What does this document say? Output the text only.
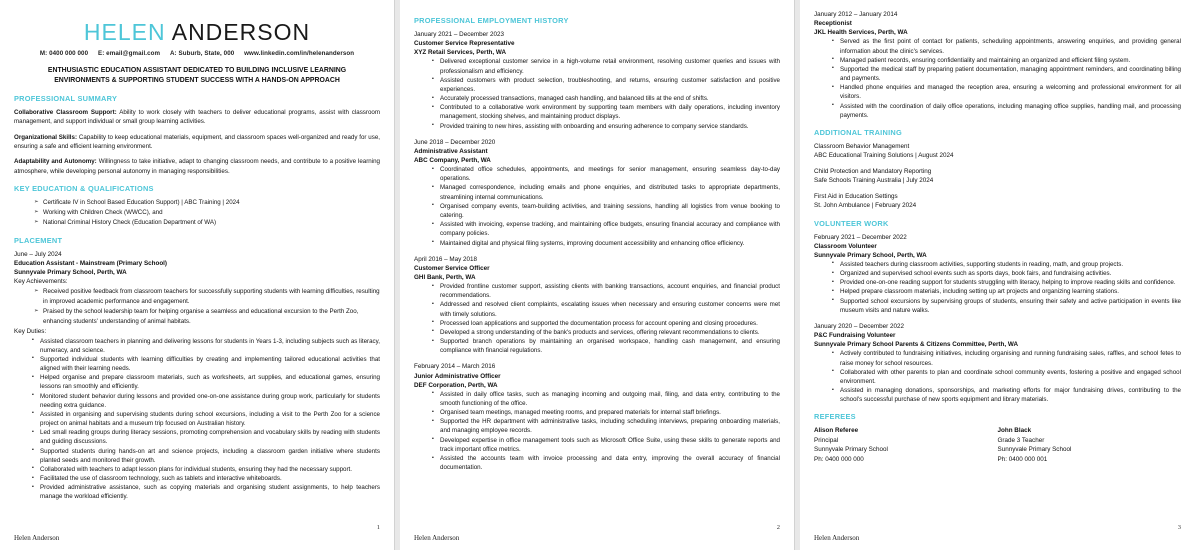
HELEN ANDERSON
M: 0400 000 000 E: email@gmail.com A: Suburb, State, 000 www.linkedin.com/in/helenanderson
ENTHUSIASTIC EDUCATION ASSISTANT DEDICATED TO BUILDING INCLUSIVE LEARNING ENVIRONMENTS & SUPPORTING STUDENT SUCCESS WITH A HANDS-ON APPROACH
PROFESSIONAL SUMMARY
Collaborative Classroom Support: Ability to work closely with teachers to deliver educational programs, assist with classroom management, and support individual or small group learning activities.
Organizational Skills: Capability to keep educational materials, equipment, and classroom spaces well-organized and ready for use, ensuring a safe and efficient learning environment.
Adaptability and Autonomy: Willingness to take initiative, adapt to changing classroom needs, and contribute to a positive learning atmosphere, while developing personal autonomy in managing responsibilities.
KEY EDUCATION & QUALIFICATIONS
➢ Certificate IV in School Based Education Support) | ABC Training | 2024
➢ Working with Children Check (WWCC), and
➢ National Criminal History Check (Education Department of WA)
PLACEMENT
June – July 2024
Education Assistant - Mainstream (Primary School)
Sunnyvale Primary School, Perth, WA
Key Achievements:
➢ Received positive feedback from classroom teachers for successfully supporting students with learning difficulties, resulting in improved academic performance and engagement.
➢ Praised by the school leadership team for helping organise a seamless and educational excursion to the Perth Zoo, enhancing students' understanding of animal habitats.
Key Duties:
▪ Assisted classroom teachers in planning and delivering lessons for students in Years 1-3, including subjects such as literacy, numeracy, and science.
▪ Supported individual students with learning difficulties by creating and implementing tailored educational activities that aligned with their learning needs.
▪ Helped organise and prepare classroom materials, such as worksheets, art supplies, and educational games, ensuring lessons ran smoothly and efficiently.
▪ Monitored student behavior during lessons and provided one-on-one assistance during group work, particularly for students needing extra guidance.
▪ Assisted in organising and supervising students during school excursions, including a visit to the Perth Zoo for a science project on animal habitats and a museum trip focused on Australian history.
▪ Led small reading groups during literacy sessions, promoting comprehension and vocabulary skills by reading with students and guiding discussions.
▪ Supported students during hands-on art and science projects, including a classroom garden initiative where students planted seeds and monitored their growth.
▪ Collaborated with teachers to adapt lesson plans for individual students, ensuring they had the necessary support.
▪ Facilitated the use of classroom technology, such as tablets and interactive whiteboards.
▪ Provided administrative assistance, such as copying materials and organising student assignments, to help teachers manage the workload efficiently.
1
Helen Anderson
PROFESSIONAL EMPLOYMENT HISTORY
January 2021 – December 2023
Customer Service Representative
XYZ Retail Services, Perth, WA
▪ Delivered exceptional customer service in a high-volume retail environment, resolving customer queries and issues with professionalism and efficiency.
▪ Assisted customers with product selection, troubleshooting, and returns, ensuring customer satisfaction and positive experiences.
▪ Accurately processed transactions, managed cash handling, and balanced tills at the end of shifts.
▪ Contributed to a collaborative work environment by supporting team members with daily operations, including inventory management, stocking shelves, and maintaining product displays.
▪ Provided training to new hires, assisting with onboarding and ensuring adherence to company service standards.
June 2018 – December 2020
Administrative Assistant
ABC Company, Perth, WA
▪ Coordinated office schedules, appointments, and meetings for senior management, ensuring seamless day-to-day operations.
▪ Managed correspondence, including emails and phone enquiries, and distributed tasks to appropriate departments, streamlining internal communications.
▪ Organised company events, team-building activities, and training sessions, handling all logistics from venue booking to catering.
▪ Assisted with invoicing, expense tracking, and maintaining office budgets, ensuring financial accuracy and compliance with company policies.
▪ Maintained digital and physical filing systems, improving document accessibility and enhancing office efficiency.
April 2016 – May 2018
Customer Service Officer
GHI Bank, Perth, WA
▪ Provided frontline customer support, assisting clients with banking transactions, account enquiries, and financial product recommendations.
▪ Addressed and resolved client complaints, escalating issues when necessary and ensuring customer concerns were met with timely solutions.
▪ Processed loan applications and supported the documentation process for account opening and closing procedures.
▪ Developed a strong understanding of the bank's products and services, offering relevant recommendations to clients.
▪ Supported branch operations by maintaining an organised workspace, handling cash management, and ensuring compliance with financial regulations.
February 2014 – March 2016
Junior Administrative Officer
DEF Corporation, Perth, WA
▪ Assisted in daily office tasks, such as managing incoming and outgoing mail, filing, and data entry, contributing to the smooth functioning of the office.
▪ Organised team meetings, managed meeting rooms, and prepared materials for internal staff briefings.
▪ Supported the HR department with administrative tasks, including scheduling interviews, preparing onboarding materials, and managing employee records.
▪ Developed expertise in office management tools such as Microsoft Office Suite, using these skills to generate reports and track important office metrics.
▪ Assisted the accounts team with invoice processing and data entry, improving the overall accuracy of financial documentation.
2
Helen Anderson
January 2012 – January 2014
Receptionist
JKL Health Services, Perth, WA
▪ Served as the first point of contact for patients, scheduling appointments, answering enquiries, and providing general information about the clinic's services.
▪ Managed patient records, ensuring confidentiality and maintaining an organized and efficient filing system.
▪ Supported the medical staff by preparing patient documentation, managing appointment reminders, and coordinating billing and payments.
▪ Handled phone enquiries and managed the reception area, ensuring a welcoming and professional environment for all visitors.
▪ Assisted with the coordination of daily office operations, including managing office supplies, handling mail, and processing payments.
ADDITIONAL TRAINING
Classroom Behavior Management
ABC Educational Training Solutions | August 2024
Child Protection and Mandatory Reporting
Safe Schools Training Australia | July 2024
First Aid in Education Settings
St. John Ambulance | February 2024
VOLUNTEER WORK
February 2021 – December 2022
Classroom Volunteer
Sunnyvale Primary School, Perth, WA
▪ Assisted teachers during classroom activities, supporting students in reading, math, and group projects.
▪ Organized and supervised school events such as sports days, book fairs, and fundraising activities.
▪ Provided one-on-one reading support for students struggling with literacy, helping to improve reading skills and confidence.
▪ Helped prepare classroom materials, including setting up art projects and organizing learning stations.
▪ Supported school excursions by supervising groups of students, ensuring their safety and active participation in events like museum visits and nature walks.
January 2020 – December 2022
P&C Fundraising Volunteer
Sunnyvale Primary School Parents & Citizens Committee, Perth, WA
▪ Actively contributed to fundraising initiatives, including organising and running fundraising sales, raffles, and school fetes to raise money for school resources.
▪ Collaborated with other parents to plan and coordinate school community events, fostering a positive and engaged school environment.
▪ Assisted in managing donations, sponsorships, and marketing efforts for major fundraising drives, contributing to the school's successful purchase of new sports equipment and library materials.
REFEREES
Alison Referee
Principal
Sunnyvale Primary School
Ph: 0400 000 000
John Black
Grade 3 Teacher
Sunnyvale Primary School
Ph: 0400 000 001
3
Helen Anderson
